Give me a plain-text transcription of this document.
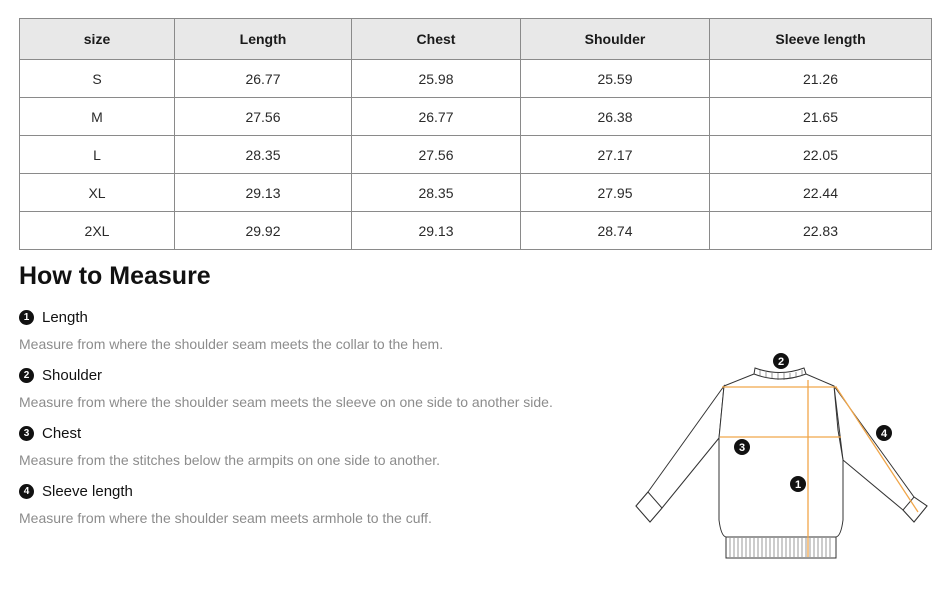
size	Length	Chest	Shoulder	Sleeve length
S	26.77	25.98	25.59	21.26
M	27.56	26.77	26.38	21.65
L	28.35	27.56	27.17	22.05
XL	29.13	28.35	27.95	22.44
2XL	29.92	29.13	28.74	22.83
How to Measure
1 Length
Measure from where the shoulder seam meets the collar to the hem.
2 Shoulder
Measure from where the shoulder seam meets the sleeve on one side to another side.
3 Chest
Measure from the stitches below the armpits on one side to another.
4 Sleeve length
Measure from where the shoulder seam meets armhole to the cuff.
2
3
4
1
